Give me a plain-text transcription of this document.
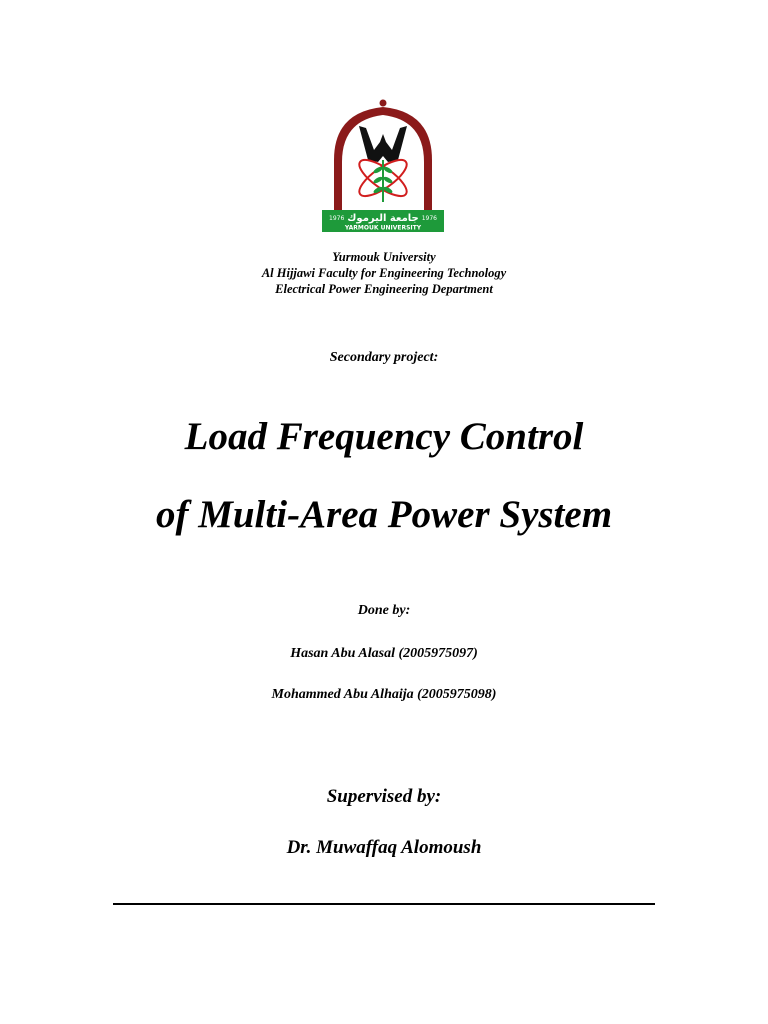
1976	1976
جامعة اليرموك
YARMOUK UNIVERSITY
Yurmouk University
Al Hijjawi Faculty for Engineering Technology
Electrical Power Engineering Department
Secondary project:
Load Frequency Control
of Multi-Area Power System
Done by:
Hasan Abu Alasal (2005975097)
Mohammed Abu Alhaija (2005975098)
Supervised by:
Dr. Muwaffaq Alomoush
